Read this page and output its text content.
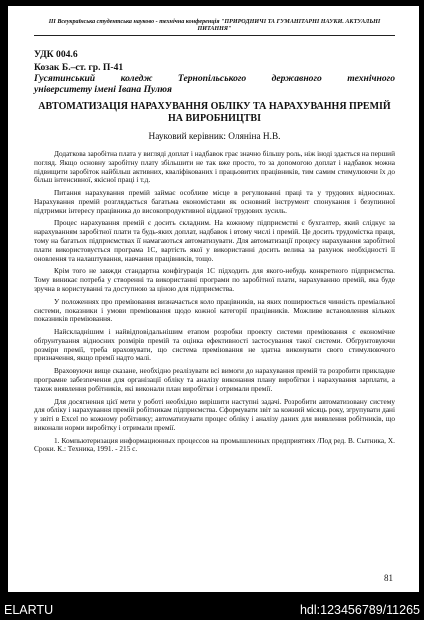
III Всеукраїнська студентська науково - технічна конференція "ПРИРОДНИЧІ ТА ГУМАНІТАРНІ НАУКИ. АКТУАЛЬНІ ПИТАННЯ"
УДК 004.6
Козак Б.–ст. гр. П-41
Гусятинський коледж Тернопільського державного технічного
університету імені Івана Пулюя
АВТОМАТИЗАЦІЯ НАРАХУВАННЯ ОБЛІКУ ТА НАРАХУВАННЯ ПРЕМІЙ НА ВИРОБНИЦТВІ
Науковий керівник: Оляніна Н.В.

Додаткова заробітна плата у вигляді доплат і надбавок грає значно більшу роль, ніж іноді здається на перший погляд. Якщо основну заробітну плату збільшити не так вже просто, то за допомогою доплат і надбавок можна підвищити заробіток найбільш активних, кваліфікованих і працьовитих працівників, тим самим стимулюючи їх до більш інтенсивної, якісної праці і т.д.

Питання нарахування премій займає особливе місце в регулюванні праці та у трудових відносинах. Нарахування премій розглядається багатьма економістами як основний інструмент спонукання і безупинної підтримки інтересу працівника до високопродуктивної відданої трудових зусиль.

Процес нарахування премій є досить складним. На кожному підприємстві є бухгалтер, який слідкує за нарахуванням заробітної плати та будь-яких доплат, надбавок і втому числі і премій. Це досить трудомістка праця, тому на багатьох підприємствах її намагаються автоматизувати. Для автоматизації процесу нарахування заробітної плати використовується програма 1С, вартість якої у використанні досить велика за рахунок необхідності її оновлення та налаштування, навчання працівників, тощо.

Крім того не завжди стандартна конфігурація 1С підходить для якого-небудь конкретного підприємства. Тому виникає потреба у створенні та використанні програми по заробітної плати, нарахуванню премій, яка буде зручна в користуванні та доступною за ціною для підприємства.

У положеннях про преміювання визначається коло працівників, на яких поширюється чинність преміальної системи, показники і умови преміювання щодо кожної категорії працівників. Можливе встановлення кількох показників преміювання.

Найскладнішим і найвідповідальнішим етапом розробки проекту системи преміювання є економічне обґрунтування відносних розмірів премій та оцінка ефективності застосування такої системи. Обґрунтовуючи розміри премії, треба враховувати, що система преміювання не здатна виконувати свого стимулюючого призначення, якщо премії надто малі.

Враховуючи вище сказане, необхідно реалізувати всі вимоги до нарахування премій та розробити прикладне програмне забезпечення для організації обліку та аналізу виконання плану виробітки і нарахування зарплати, а також виявлення робітників, які виконали план виробітки і отримали премії.

Для досягнення цієї мети у роботі необхідно вирішити наступні задачі. Розробити автоматизовану систему для обліку і нарахування премій робітникам підприємства. Сформувати звіт за кожний місяць року, згрупувати дані у звіті в Excel по кожному робітнику; автоматизувати процес обліку і аналізу даних для виявлення робітників, що виконали норми виробітку і отримали премії.

1. Компьютеризация информационных процессов на промышленных предприятиях /Под ред. В. Сытника, Х. Сроки. К.: Техника, 1991. - 215 с.

81
ELARTU	hdl:123456789/11265
